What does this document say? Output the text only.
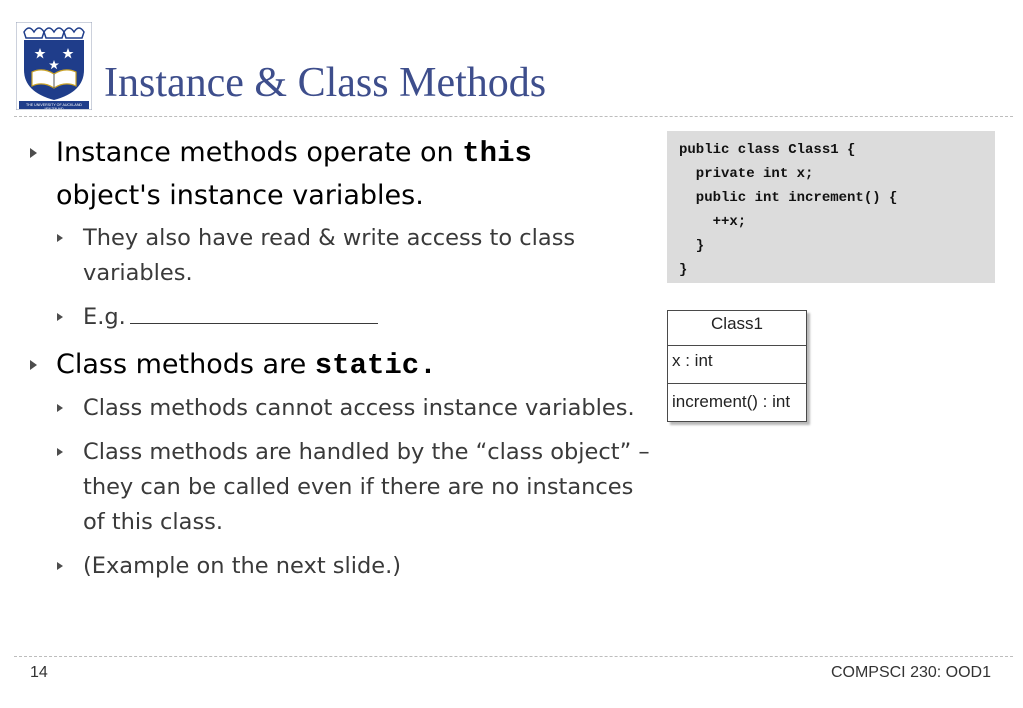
THE UNIVERSITY OF AUCKLAND
NEW ZEALAND
Instance & Class Methods
Instance methods operate on this
object's instance variables.
They also have read & write access to class variables.
E.g.
Class methods are static.
Class methods cannot access instance variables.
Class methods are handled by the “class object” – they can be called even if there are no instances of this class.
(Example on the next slide.)
public class Class1 {
private int x;
public int increment() {
++x;
}
}
Class1
x : int
increment() : int
14	COMPSCI 230: OOD1
